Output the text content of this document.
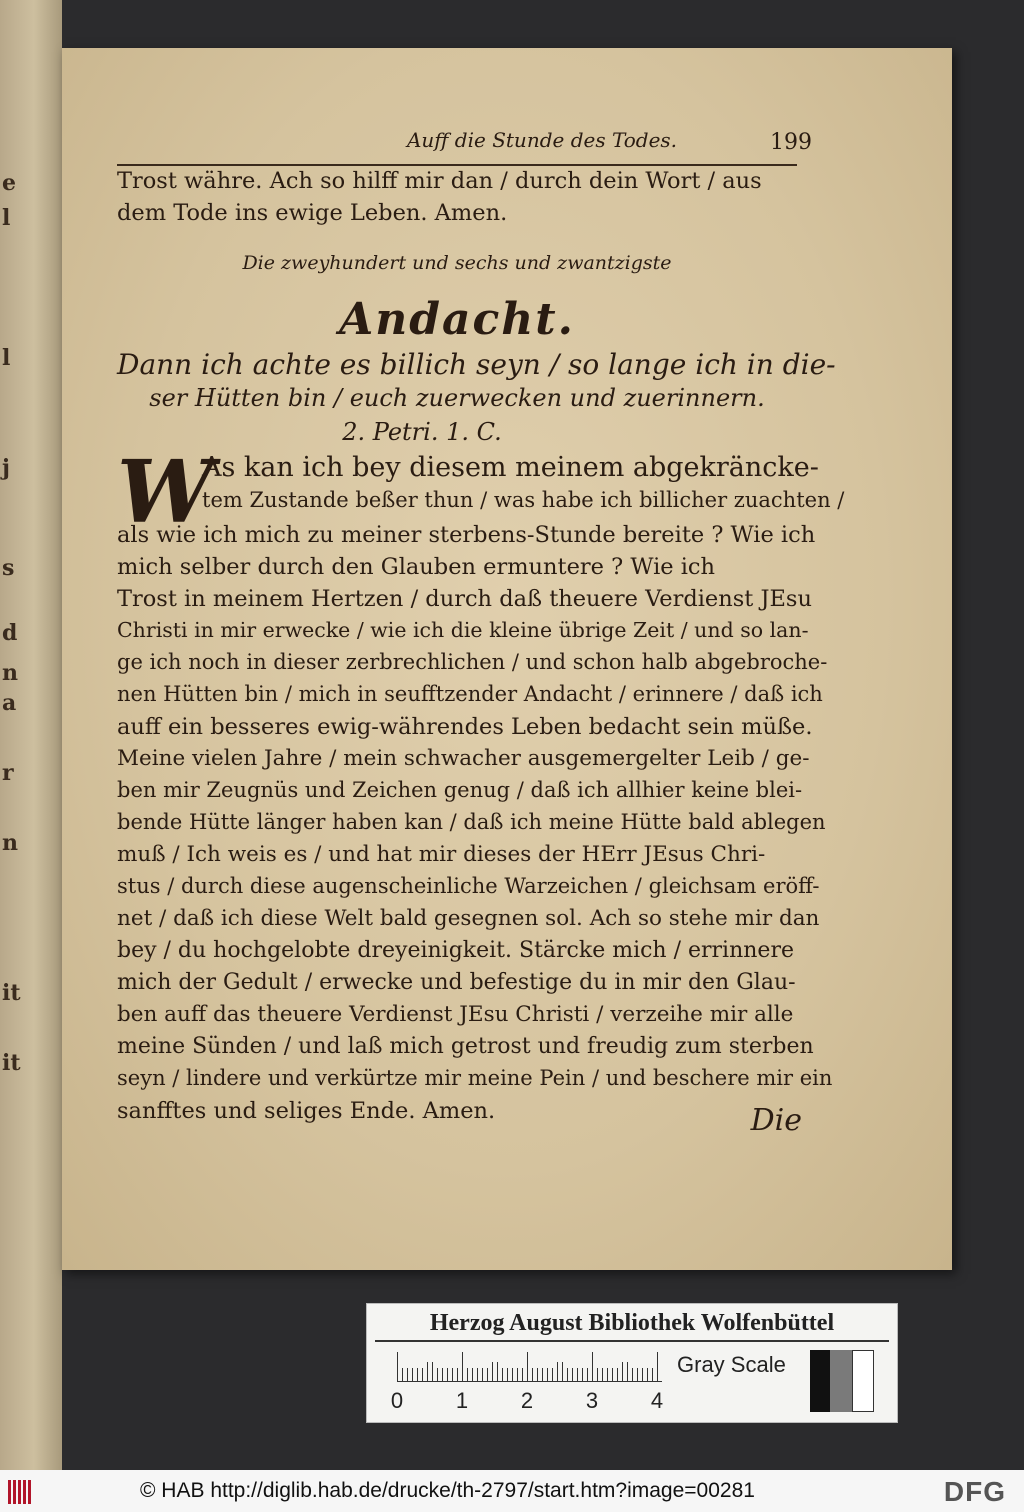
e
l
l
j
s
d
n
a
r
n
it
it
Auff die Stunde des Todes.	199
Trost währe. Ach so hilff mir dan / durch dein Wort / aus
dem Tode ins ewige Leben. Amen.
Die zweyhundert und sechs und zwantzigste
Andacht.
Dann ich achte es billich seyn / so lange ich in die-
ser Hütten bin / euch zuerwecken und zuerinnern.
2. Petri. 1. C.
W
As kan ich bey diesem meinem abgekräncke-
tem Zustande beßer thun / was habe ich billicher zuachten /
als wie ich mich zu meiner sterbens-Stunde bereite ? Wie ich
mich selber durch den Glauben ermuntere ? Wie ich
Trost in meinem Hertzen / durch daß theuere Verdienst JEsu
Christi in mir erwecke / wie ich die kleine übrige Zeit / und so lan-
ge ich noch in dieser zerbrechlichen / und schon halb abgebroche-
nen Hütten bin / mich in seufftzender Andacht / erinnere / daß ich
auff ein besseres ewig-währendes Leben bedacht sein müße.
Meine vielen Jahre / mein schwacher ausgemergelter Leib / ge-
ben mir Zeugnüs und Zeichen genug / daß ich allhier keine blei-
bende Hütte länger haben kan / daß ich meine Hütte bald ablegen
muß / Ich weis es / und hat mir dieses der HErr JEsus Chri-
stus / durch diese augenscheinliche Warzeichen / gleichsam eröff-
net / daß ich diese Welt bald gesegnen sol. Ach so stehe mir dan
bey / du hochgelobte dreyeinigkeit. Stärcke mich / errinnere
mich der Gedult / erwecke und befestige du in mir den Glau-
ben auff das theuere Verdienst JEsu Christi / verzeihe mir alle
meine Sünden / und laß mich getrost und freudig zum sterben
seyn / lindere und verkürtze mir meine Pein / und beschere mir ein
sanfftes und seliges Ende. Amen.	Die
Herzog August Bibliothek Wolfenbüttel
0 1 2 3 4
Gray Scale
© HAB http://diglib.hab.de/drucke/th-2797/start.htm?image=00281	DFG
